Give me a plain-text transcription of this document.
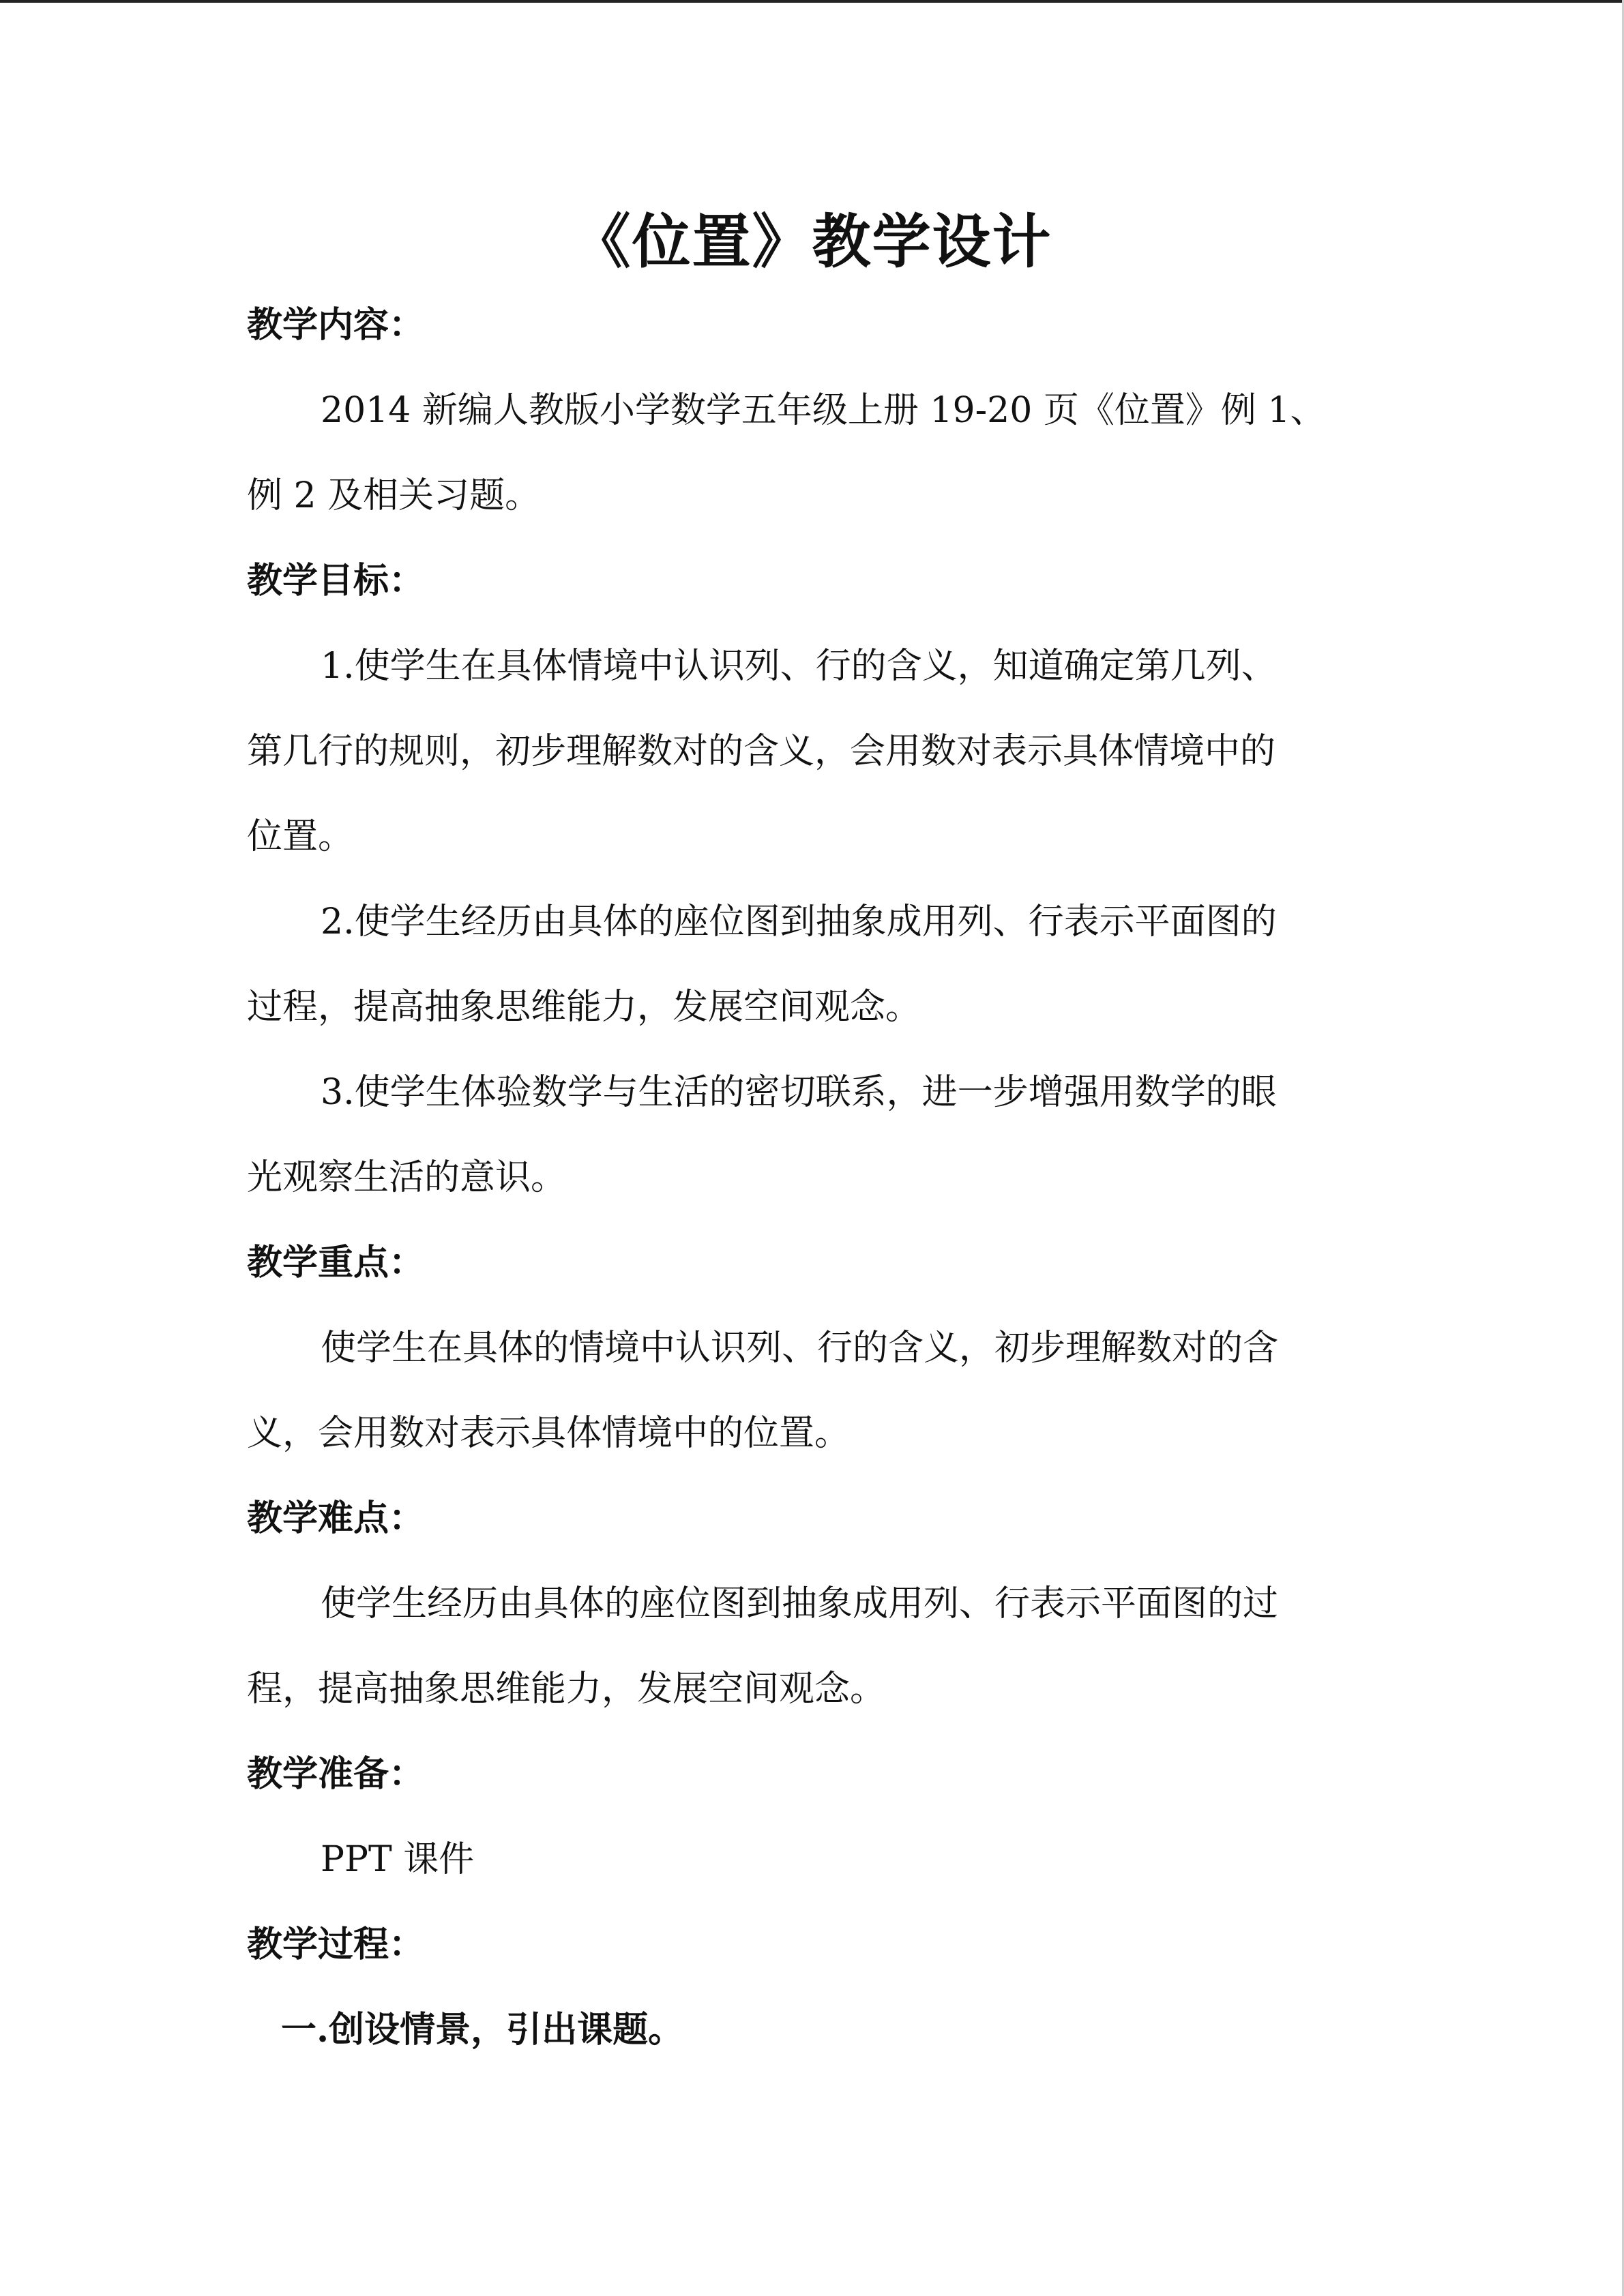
《位置》教学设计

教学内容：

2014 新编人教版小学数学五年级上册 19-20 页《位置》例 1、

例 2 及相关习题。

教学目标：

1.使学生在具体情境中认识列、行的含义，知道确定第几列、

第几行的规则，初步理解数对的含义，会用数对表示具体情境中的

位置。

2.使学生经历由具体的座位图到抽象成用列、行表示平面图的

过程，提高抽象思维能力，发展空间观念。

3.使学生体验数学与生活的密切联系，进一步增强用数学的眼

光观察生活的意识。

教学重点：

使学生在具体的情境中认识列、行的含义，初步理解数对的含

义，会用数对表示具体情境中的位置。

教学难点：

使学生经历由具体的座位图到抽象成用列、行表示平面图的过

程，提高抽象思维能力，发展空间观念。

教学准备：

PPT 课件

教学过程：

一.创设情景，引出课题。
